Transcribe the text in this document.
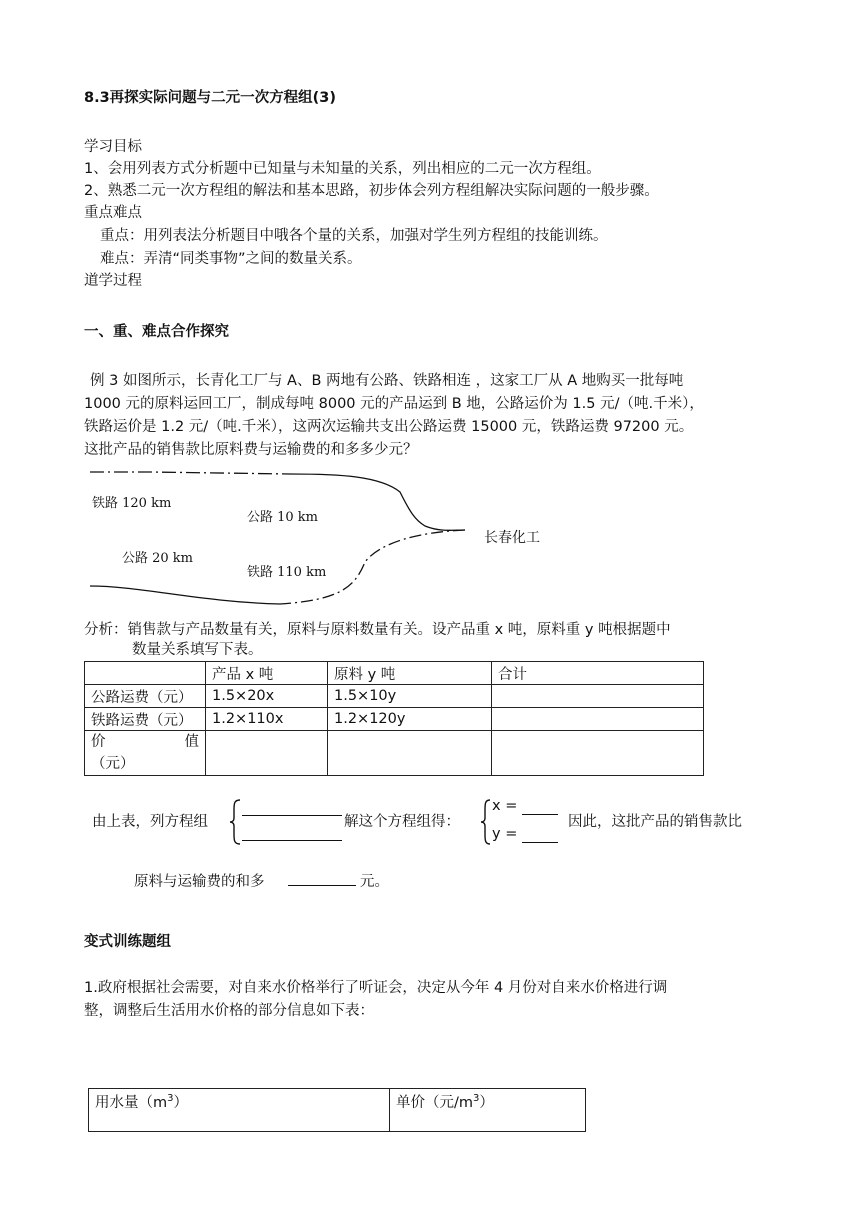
8.3再探实际问题与二元一次方程组(3)
学习目标
1、会用列表方式分析题中已知量与未知量的关系，列出相应的二元一次方程组。
2、熟悉二元一次方程组的解法和基本思路，初步体会列方程组解决实际问题的一般步骤。
重点难点
重点：用列表法分析题目中哦各个量的关系，加强对学生列方程组的技能训练。
难点：弄清“同类事物”之间的数量关系。
道学过程
一、重、难点合作探究
例 3 如图所示，长青化工厂与 A、B 两地有公路、铁路相连 ，这家工厂从 A 地购买一批每吨
1000 元的原料运回工厂，制成每吨 8000 元的产品运到 B 地，公路运价为 1.5 元/（吨.千米），
铁路运价是 1.2 元/（吨.千米），这两次运输共支出公路运费 15000 元，铁路运费 97200 元。
这批产品的销售款比原料费与运输费的和多多少元？
铁路 120 km
公路 10 km
长春化工
公路 20 km
铁路 110 km
分析：销售款与产品数量有关，原料与原料数量有关。设产品重 x 吨，原料重 y 吨根据题中
数量关系填写下表。
	产品 x 吨	原料 y 吨	合计
公路运费（元）	1.5×20x	1.5×10y	
铁路运费（元）	1.2×110x	1.2×120y	

价 值
（元）			

由上表，列方程组	解这个方程组得：
x =
y =
因此，这批产品的销售款比
原料与运输费的和多	元。
变式训练题组
1.政府根据社会需要，对自来水价格举行了听证会，决定从今年 4 月份对自来水价格进行调
整，调整后生活用水价格的部分信息如下表：
用水量$(m^3)$	单价（元$/m^3$）
